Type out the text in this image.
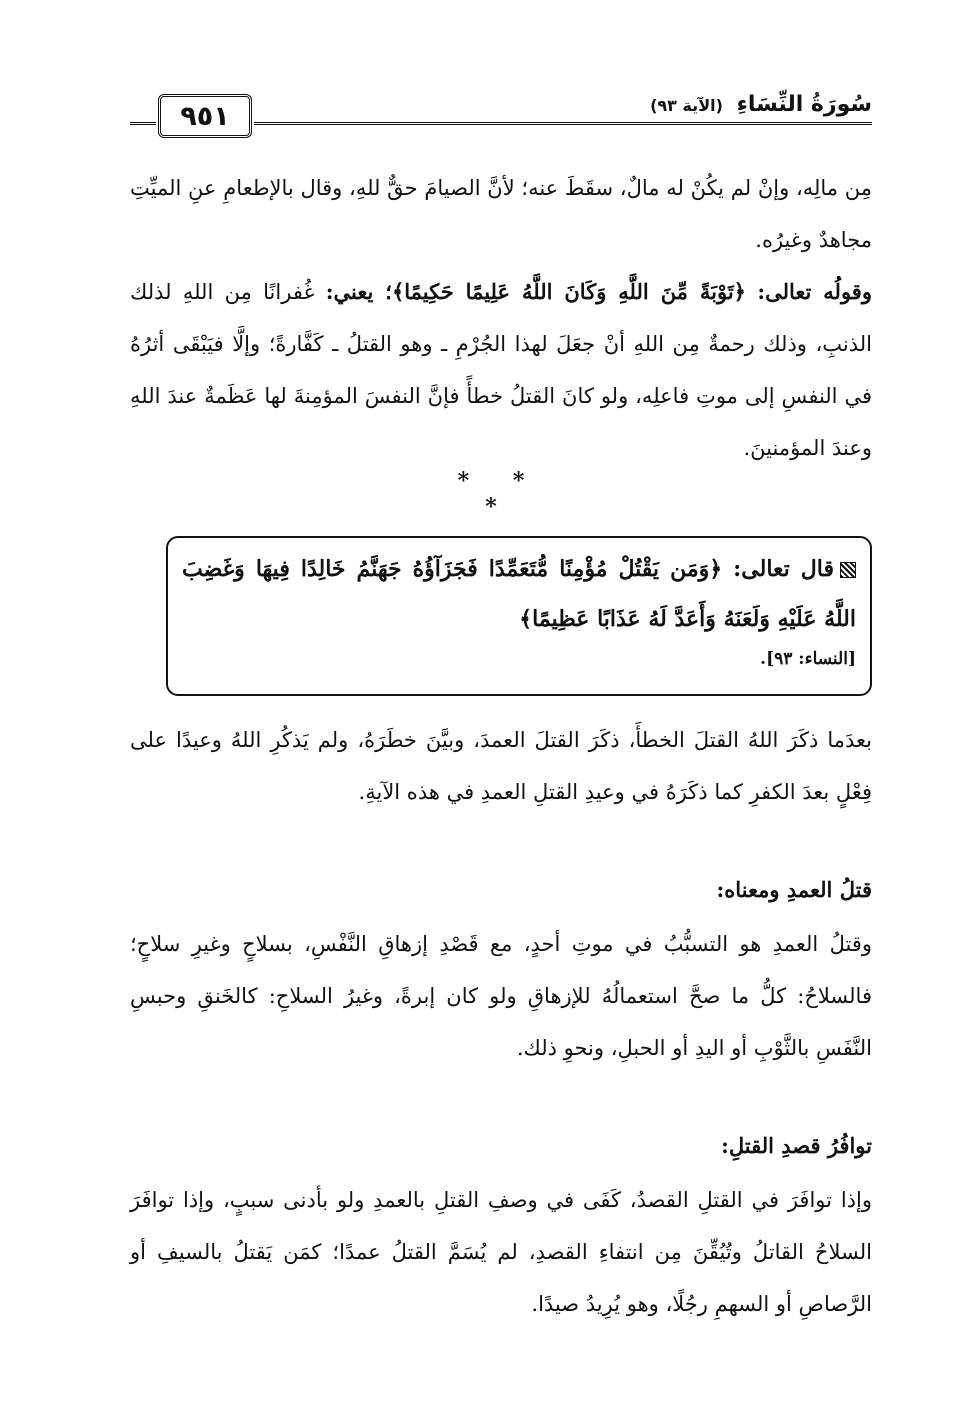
٩٥١	سُورَةُ النِّسَاءِ (الآية ٩٣)
مِن مالِه، وإنْ لم يكُنْ له مالٌ، سقَطَ عنه؛ لأنَّ الصيامَ حقٌّ للهِ، وقال بالإطعامِ عنِ الميِّتِ مجاهدٌ وغيرُه.
وقولُه تعالى: ﴿تَوْبَةً مِّنَ اللَّهِ وَكَانَ اللَّهُ عَلِيمًا حَكِيمًا﴾؛ يعني: غُفرانًا مِن اللهِ لذلك الذنبِ، وذلك رحمةٌ مِن اللهِ أنْ جعَلَ لهذا الجُرْمِ ـ وهو القتلُ ـ كَفَّارةً؛ وإلَّا فيَبْقَى أثرُهُ في النفسِ إلى موتِ فاعلِه، ولو كانَ القتلُ خطأً فإنَّ النفسَ المؤمِنةَ لها عَظَمةٌ عندَ اللهِ وعندَ المؤمنينَ.
* * *
قال تعالى: ﴿وَمَن يَقْتُلْ مُؤْمِنًا مُّتَعَمِّدًا فَجَزَآؤُهُ جَهَنَّمُ خَالِدًا فِيهَا وَغَضِبَ اللَّهُ عَلَيْهِ وَلَعَنَهُ وَأَعَدَّ لَهُ عَذَابًا عَظِيمًا﴾
[النساء: ٩٣].
بعدَما ذكَرَ اللهُ القتلَ الخطأَ، ذكَرَ القتلَ العمدَ، وبيَّنَ خطَرَهُ، ولم يَذكُرِ اللهُ وعيدًا على فِعْلٍ بعدَ الكفرِ كما ذكَرَهُ في وعيدِ القتلِ العمدِ في هذه الآيةِ.
قتلُ العمدِ ومعناه:
وقتلُ العمدِ هو التسبُّبُ في موتِ أحدٍ، مع قَصْدِ إزهاقِ النَّفْسِ، بسلاحٍ وغيرِ سلاحٍ؛ فالسلاحُ: كلُّ ما صحَّ استعمالُهُ للإزهاقِ ولو كان إبرةً، وغيرُ السلاحِ: كالخَنقِ وحبسِ النَّفَسِ بالثَّوْبِ أو اليدِ أو الحبلِ، ونحوِ ذلك.
توافُرُ قصدِ القتلِ:
وإذا توافَرَ في القتلِ القصدُ، كَفَى في وصفِ القتلِ بالعمدِ ولو بأدنى سببٍ، وإذا توافَرَ السلاحُ القاتلُ وتُيُقِّنَ مِن انتفاءِ القصدِ، لم يُسَمَّ القتلُ عمدًا؛ كمَن يَقتلُ بالسيفِ أو الرَّصاصِ أو السهمِ رجُلًا، وهو يُرِيدُ صيدًا.
